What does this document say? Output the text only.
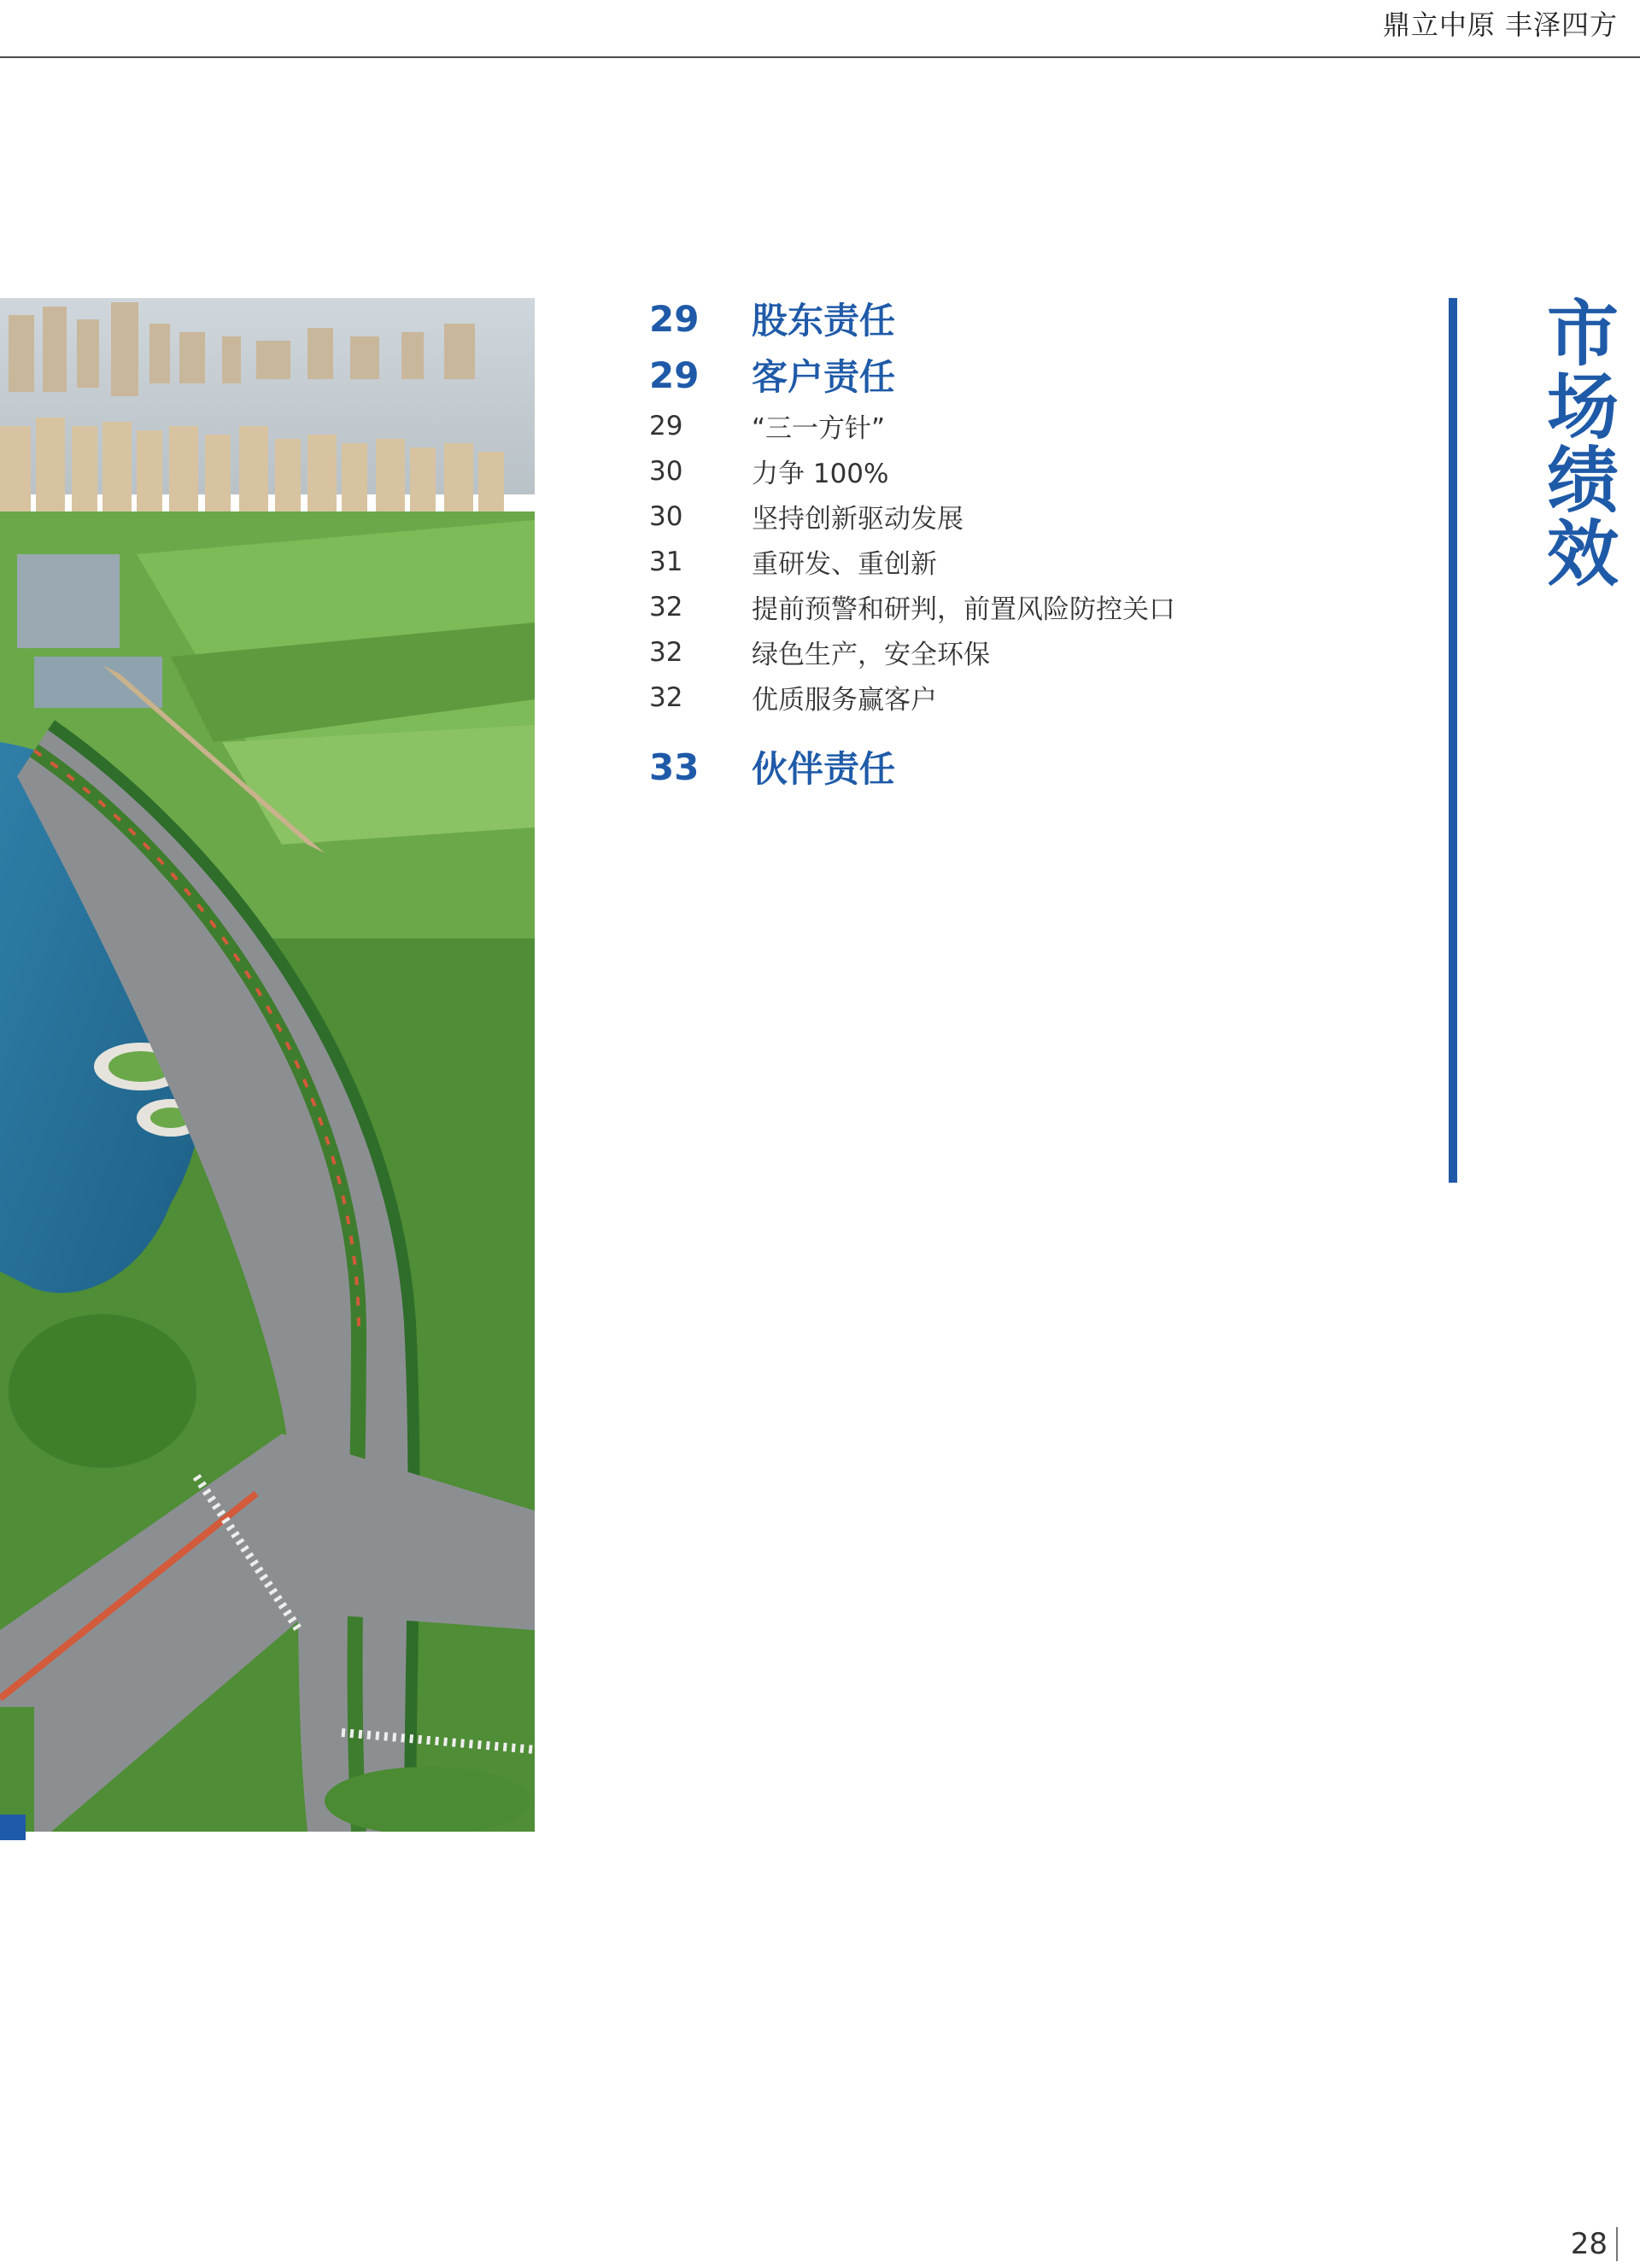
鼎立中原 丰泽四方
29	股东责任
29	客户责任
29	“三一方针”
30	力争 100%
30	坚持创新驱动发展
31	重研发、重创新
32	提前预警和研判，前置风险防控关口
32	绿色生产，安全环保
32	优质服务赢客户
33	伙伴责任
市场绩效
28
